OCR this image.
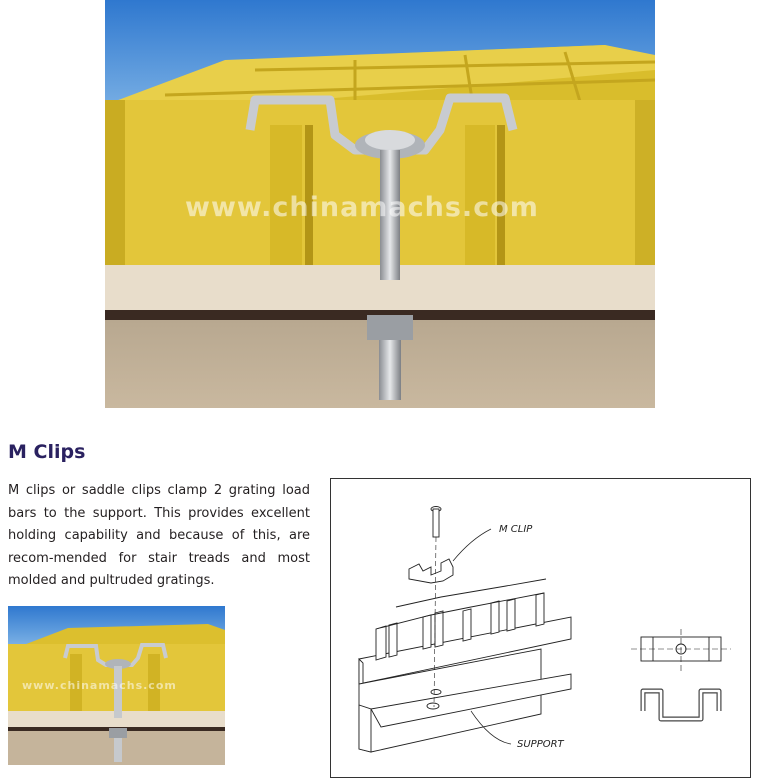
www.chinamachs.com
M Clips

M clips or saddle clips clamp 2 grating load bars to the support. This provides excellent holding capability and because of this, are recom-mended for stair treads and most molded and pultruded gratings.

www.chinamachs.com
M CLIP
SUPPORT
